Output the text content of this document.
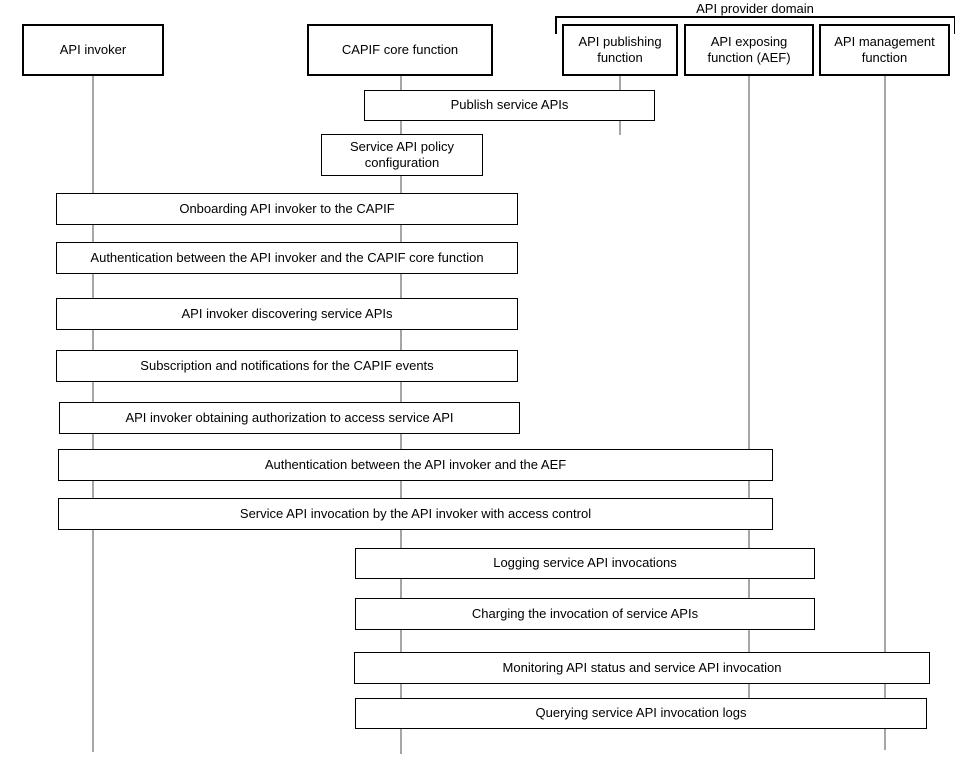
API provider domain
API invoker	CAPIF core function
API publishing function
API exposing function (AEF)
API management function
Publish service APIs
Service API policy configuration
Onboarding API invoker to the CAPIF
Authentication between the API invoker and the CAPIF core function
API invoker discovering service APIs
Subscription and notifications for the CAPIF events
API invoker obtaining authorization to access service API
Authentication between the API invoker and the AEF
Service API invocation by the API invoker with access control
Logging service API invocations
Charging the invocation of service APIs
Monitoring API status and service API invocation
Querying service API invocation logs
